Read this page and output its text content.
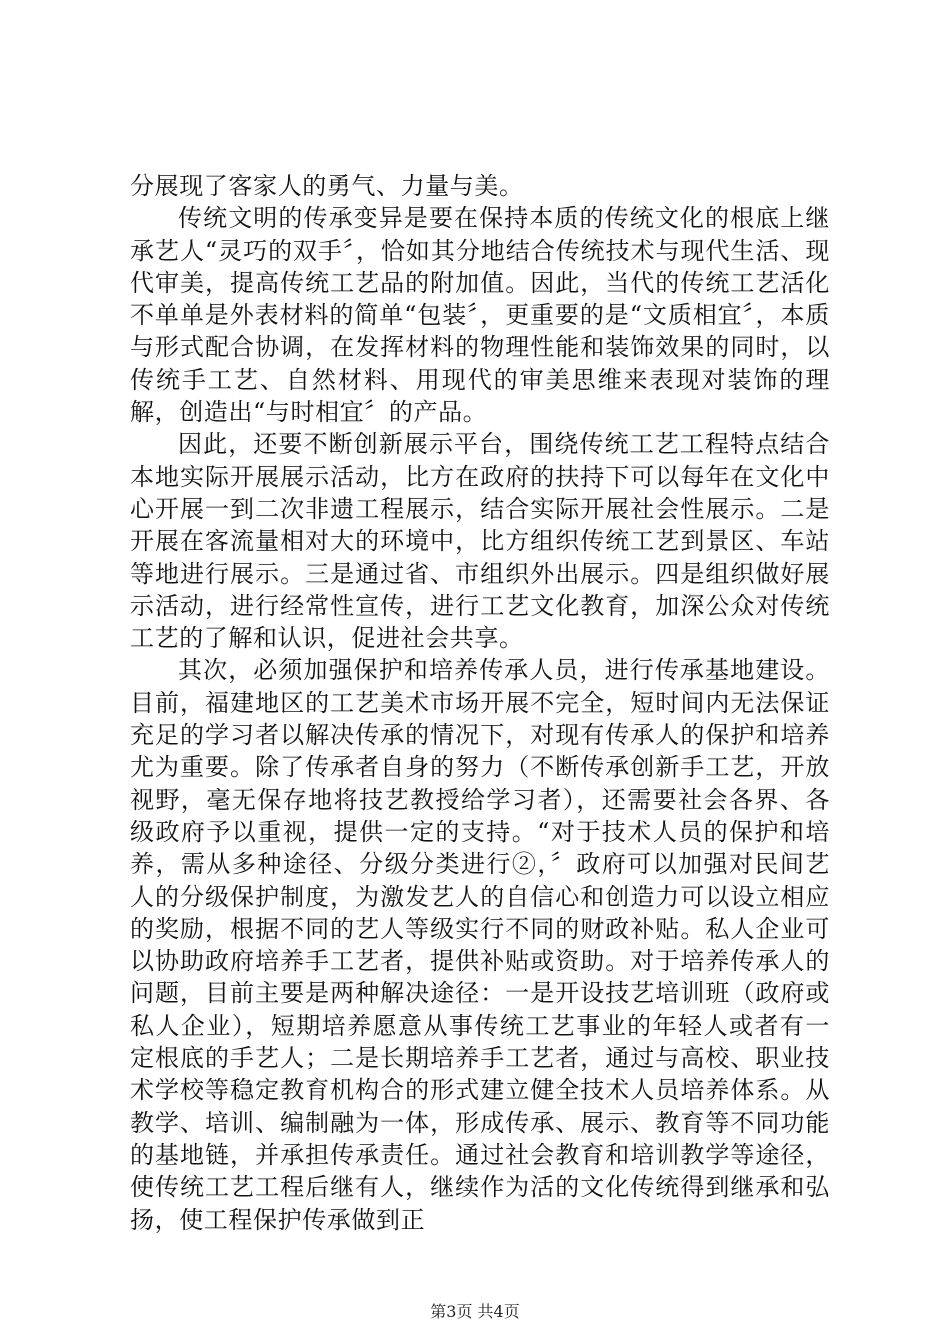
分展现了客家人的勇气、力量与美。

传统文明的传承变异是要在保持本质的传统文化的根底上继承艺人“灵巧的双手〞，恰如其分地结合传统技术与现代生活、现代审美，提高传统工艺品的附加值。因此，当代的传统工艺活化不单单是外表材料的简单“包装〞，更重要的是“文质相宜〞，本质与形式配合协调，在发挥材料的物理性能和装饰效果的同时，以传统手工艺、自然材料、用现代的审美思维来表现对装饰的理解，创造出“与时相宜〞的产品。

因此，还要不断创新展示平台，围绕传统工艺工程特点结合本地实际开展展示活动，比方在政府的扶持下可以每年在文化中心开展一到二次非遗工程展示，结合实际开展社会性展示。二是开展在客流量相对大的环境中，比方组织传统工艺到景区、车站等地进行展示。三是通过省、市组织外出展示。四是组织做好展示活动，进行经常性宣传，进行工艺文化教育，加深公众对传统工艺的了解和认识，促进社会共享。

其次，必须加强保护和培养传承人员，进行传承基地建设。目前，福建地区的工艺美术市场开展不完全，短时间内无法保证充足的学习者以解决传承的情况下，对现有传承人的保护和培养尤为重要。除了传承者自身的努力（不断传承创新手工艺，开放视野，毫无保存地将技艺教授给学习者），还需要社会各界、各级政府予以重视，提供一定的支持。“对于技术人员的保护和培养，需从多种途径、分级分类进行②，〞政府可以加强对民间艺人的分级保护制度，为激发艺人的自信心和创造力可以设立相应的奖励，根据不同的艺人等级实行不同的财政补贴。私人企业可以协助政府培养手工艺者，提供补贴或资助。对于培养传承人的问题，目前主要是两种解决途径：一是开设技艺培训班（政府或私人企业），短期培养愿意从事传统工艺事业的年轻人或者有一定根底的手艺人；二是长期培养手工艺者，通过与高校、职业技术学校等稳定教育机构合的形式建立健全技术人员培养体系。从教学、培训、编制融为一体，形成传承、展示、教育等不同功能的基地链，并承担传承责任。通过社会教育和培训教学等途径，使传统工艺工程后继有人，继续作为活的文化传统得到继承和弘扬，使工程保护传承做到正

第3页 共4页
